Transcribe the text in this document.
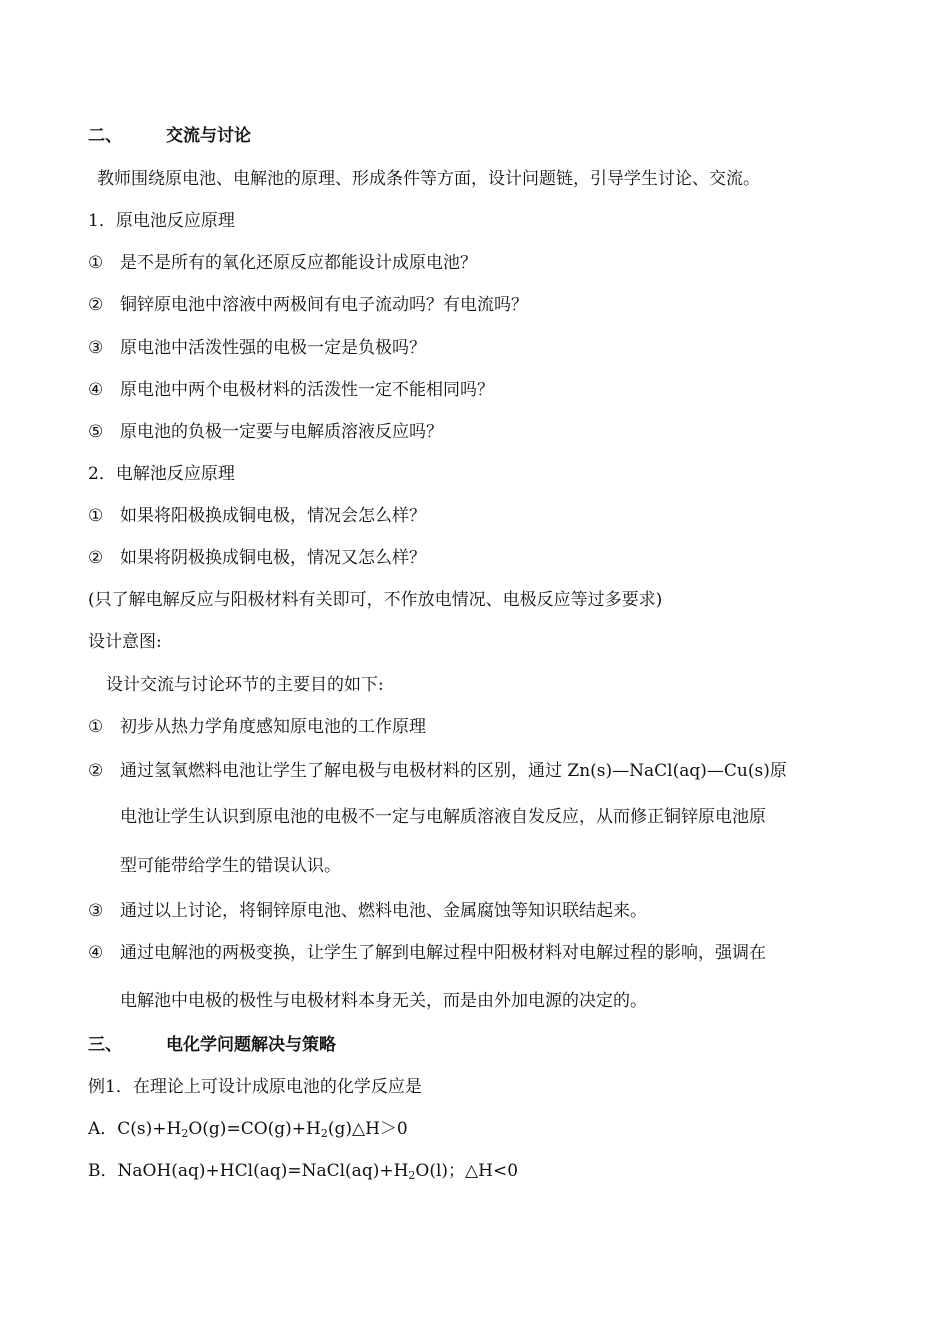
二、	交流与讨论
教师围绕原电池、电解池的原理、形成条件等方面，设计问题链，引导学生讨论、交流。
1．原电池反应原理
① 是不是所有的氧化还原反应都能设计成原电池？
② 铜锌原电池中溶液中两极间有电子流动吗？有电流吗？
③ 原电池中活泼性强的电极一定是负极吗？
④ 原电池中两个电极材料的活泼性一定不能相同吗？
⑤ 原电池的负极一定要与电解质溶液反应吗？
2．电解池反应原理
① 如果将阳极换成铜电极，情况会怎么样？
② 如果将阴极换成铜电极，情况又怎么样？
(只了解电解反应与阳极材料有关即可，不作放电情况、电极反应等过多要求)
设计意图:
设计交流与讨论环节的主要目的如下:
① 初步从热力学角度感知原电池的工作原理
② 通过氢氧燃料电池让学生了解电极与电极材料的区别，通过 Zn(s)—NaCl(aq)—Cu(s)原
电池让学生认识到原电池的电极不一定与电解质溶液自发反应，从而修正铜锌原电池原
型可能带给学生的错误认识。
③ 通过以上讨论，将铜锌原电池、燃料电池、金属腐蚀等知识联结起来。
④ 通过电解池的两极变换，让学生了解到电解过程中阳极材料对电解过程的影响，强调在
电解池中电极的极性与电极材料本身无关，而是由外加电源的决定的。
三、	电化学问题解决与策略
例1．在理论上可设计成原电池的化学反应是
A．$C(s)+H_2O(g)=CO(g)+H_2(g)\triangle H>0$
B．$NaOH(aq)+HCl(aq)=NaCl(aq)+H_2O(l)$；△H<0
